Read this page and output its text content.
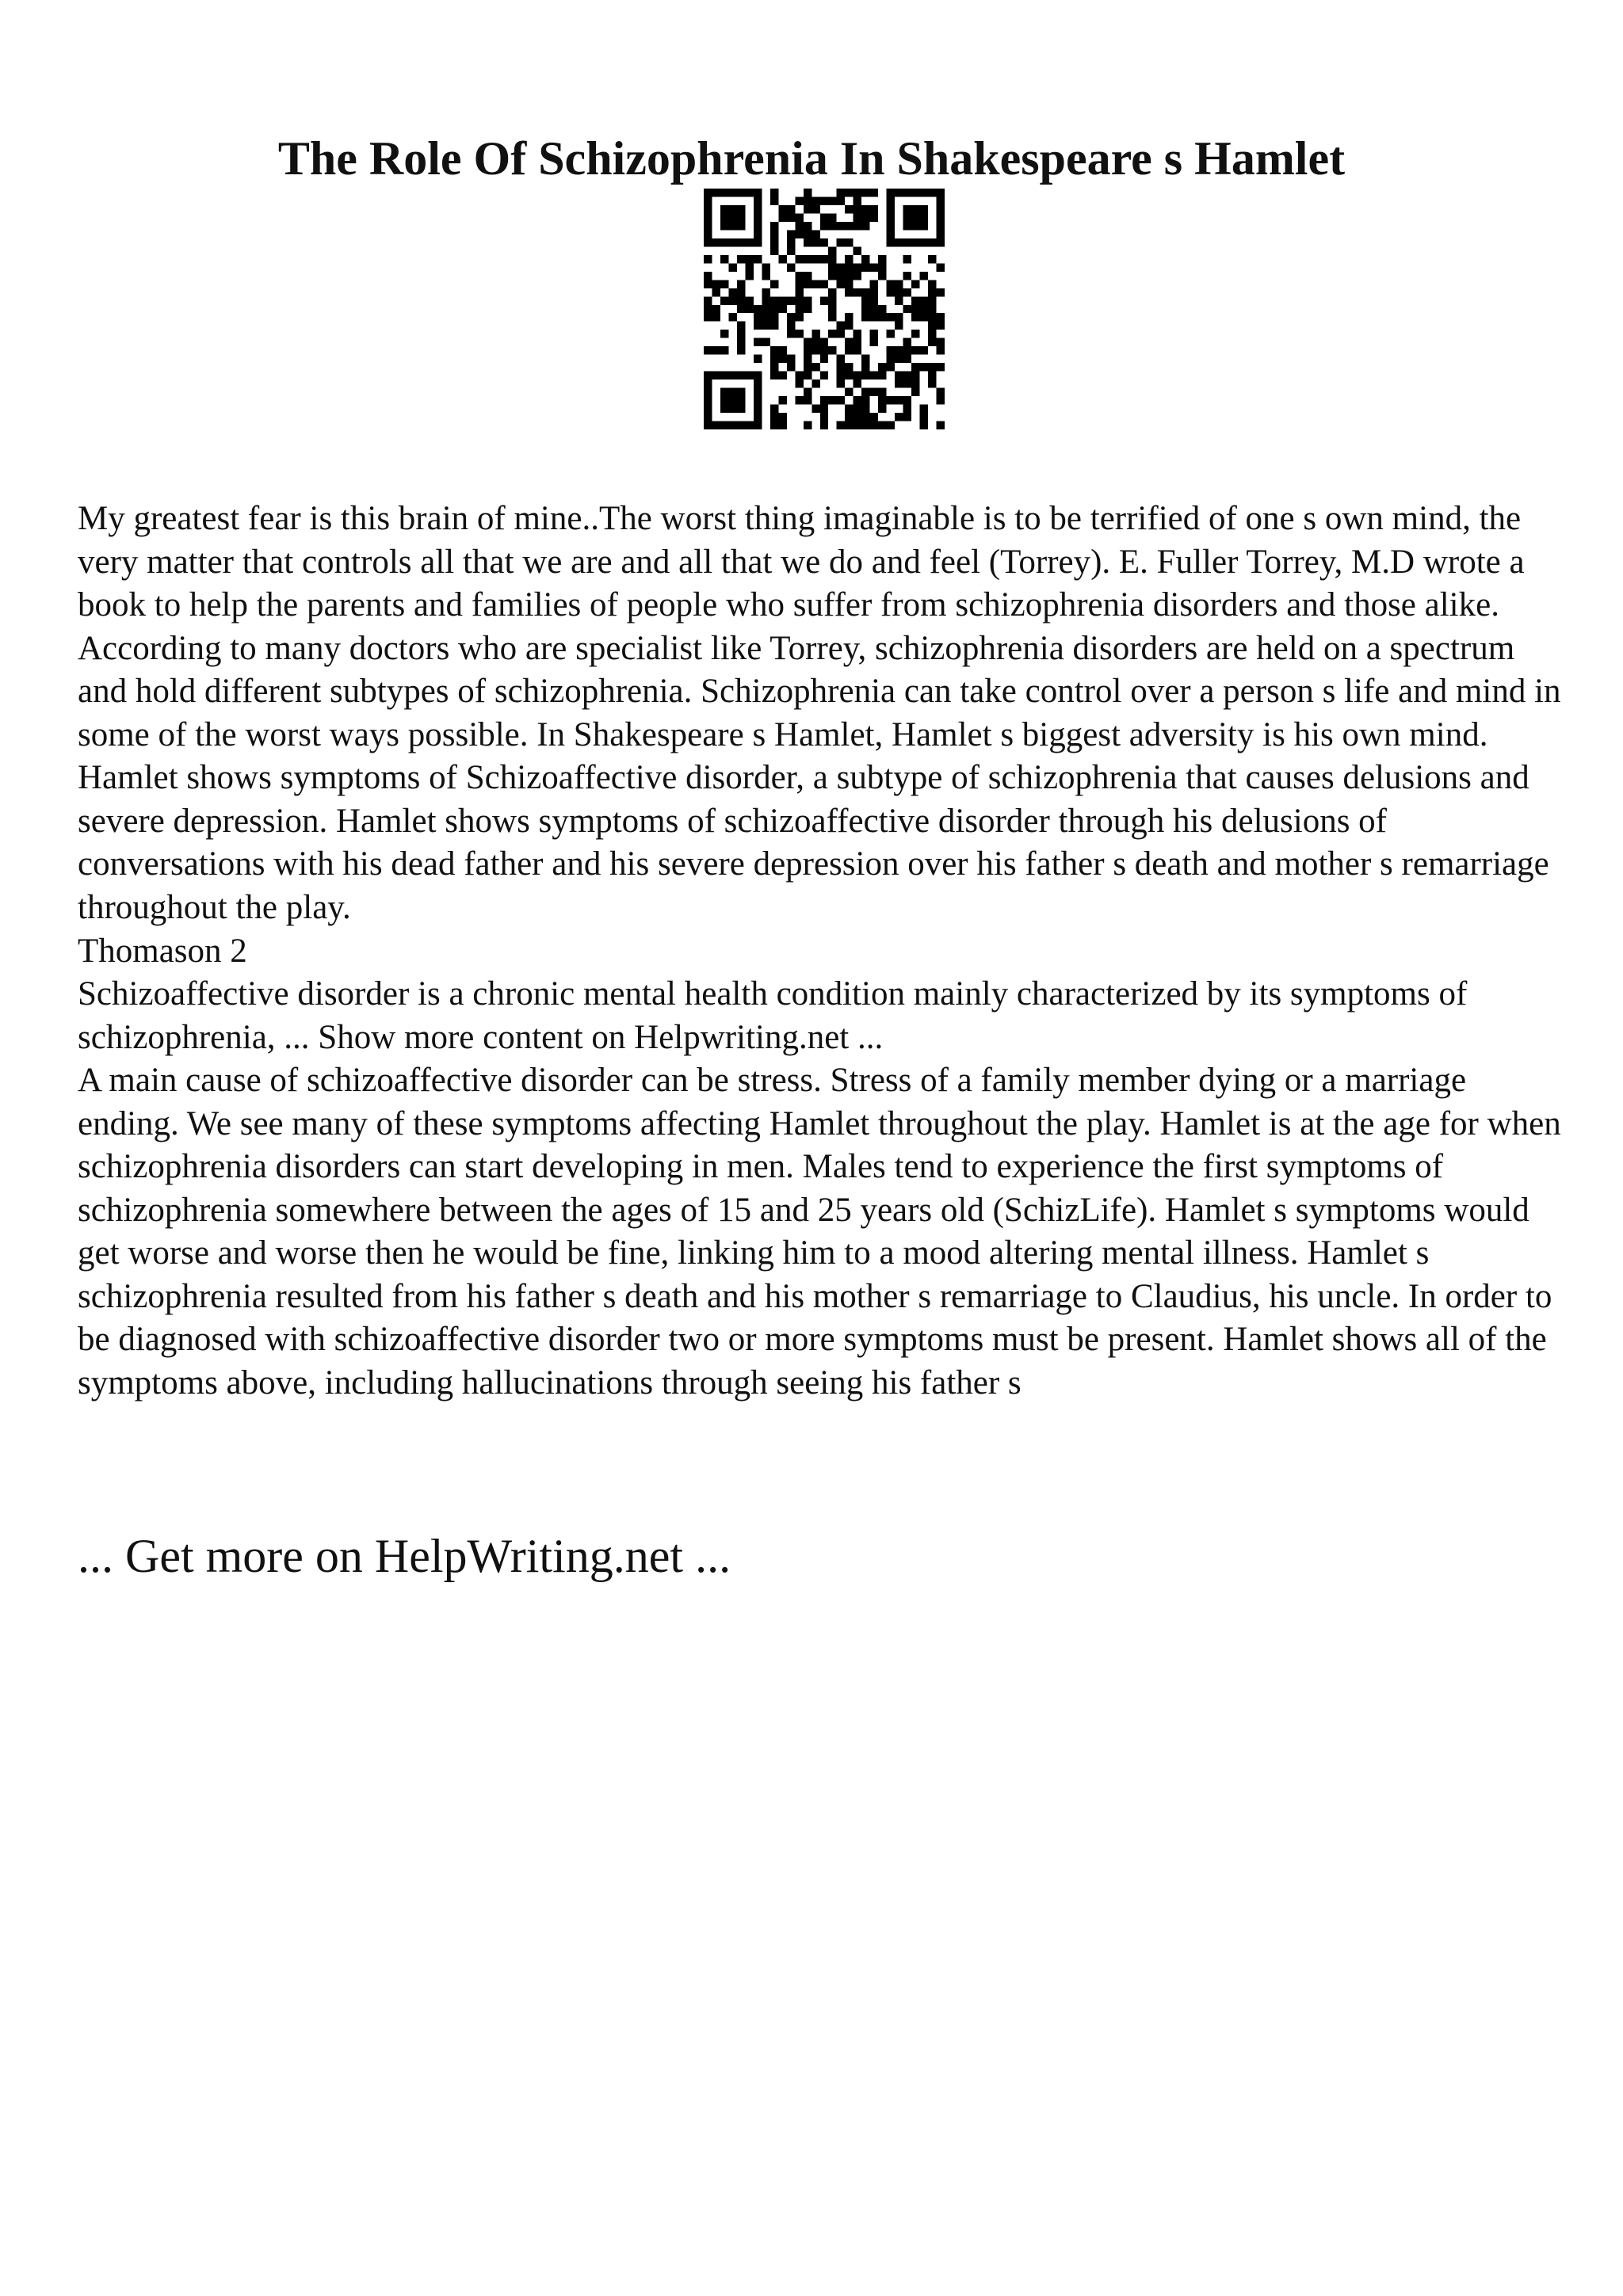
The Role Of Schizophrenia In Shakespeare s Hamlet

My greatest fear is this brain of mine..The worst thing imaginable is to be terrified of one s own mind, the very matter that controls all that we are and all that we do and feel (Torrey). E. Fuller Torrey, M.D wrote a book to help the parents and families of people who suffer from schizophrenia disorders and those alike. According to many doctors who are specialist like Torrey, schizophrenia disorders are held on a spectrum and hold different subtypes of schizophrenia. Schizophrenia can take control over a person s life and mind in some of the worst ways possible. In Shakespeare s Hamlet, Hamlet s biggest adversity is his own mind. Hamlet shows symptoms of Schizoaffective disorder, a subtype of schizophrenia that causes delusions and severe depression. Hamlet shows symptoms of schizoaffective disorder through his delusions of conversations with his dead father and his severe depression over his father s death and mother s remarriage throughout the play.

Thomason 2

Schizoaffective disorder is a chronic mental health condition mainly characterized by its symptoms of schizophrenia, ... Show more content on Helpwriting.net ...

A main cause of schizoaffective disorder can be stress. Stress of a family member dying or a marriage ending. We see many of these symptoms affecting Hamlet throughout the play. Hamlet is at the age for when schizophrenia disorders can start developing in men. Males tend to experience the first symptoms of schizophrenia somewhere between the ages of 15 and 25 years old (SchizLife). Hamlet s symptoms would get worse and worse then he would be fine, linking him to a mood altering mental illness. Hamlet s schizophrenia resulted from his father s death and his mother s remarriage to Claudius, his uncle. In order to be diagnosed with schizoaffective disorder two or more symptoms must be present. Hamlet shows all of the symptoms above, including hallucinations through seeing his father s

... Get more on HelpWriting.net ...
